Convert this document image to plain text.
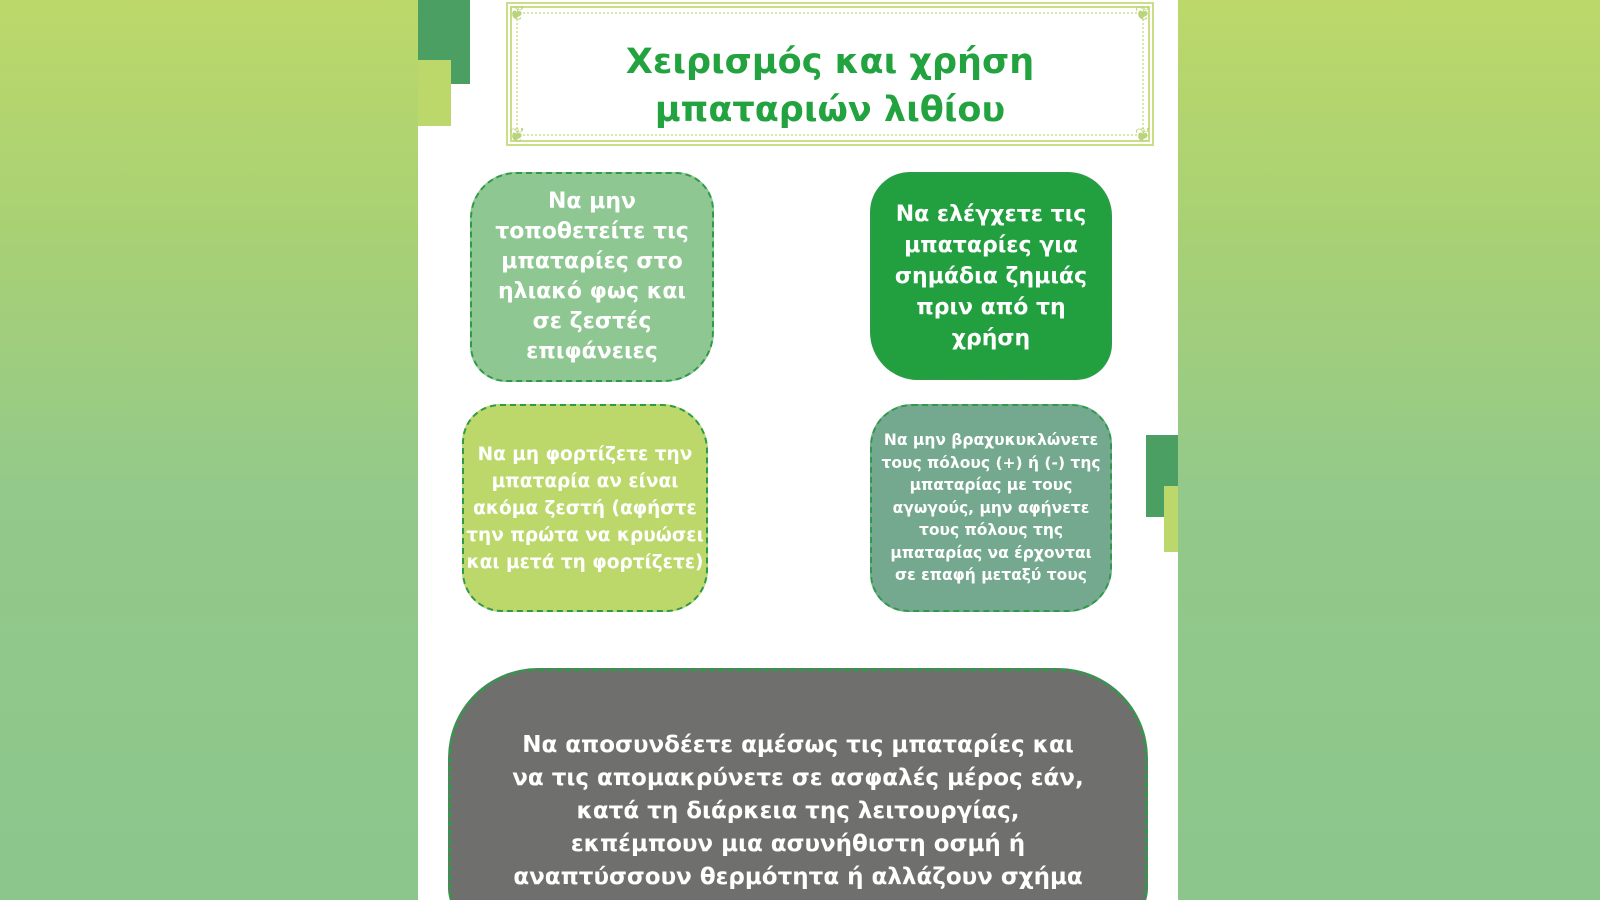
❦	❦
❦	❦
Χειρισμός και χρήση μπαταριών λιθίου
Να μην τοποθετείτε τις μπαταρίες στο ηλιακό φως και σε ζεστές επιφάνειες
Να ελέγχετε τις μπαταρίες για σημάδια ζημιάς πριν από τη χρήση
Να μη φορτίζετε την μπαταρία αν είναι ακόμα ζεστή (αφήστε την πρώτα να κρυώσει και μετά τη φορτίζετε)
Να μην βραχυκυκλώνετε τους πόλους (+) ή (-) της μπαταρίας με τους αγωγούς, μην αφήνετε τους πόλους της μπαταρίας να έρχονται σε επαφή μεταξύ τους
Να αποσυνδέετε αμέσως τις μπαταρίες και να τις απομακρύνετε σε ασφαλές μέρος εάν, κατά τη διάρκεια της λειτουργίας, εκπέμπουν μια ασυνήθιστη οσμή ή αναπτύσσουν θερμότητα ή αλλάζουν σχήμα
